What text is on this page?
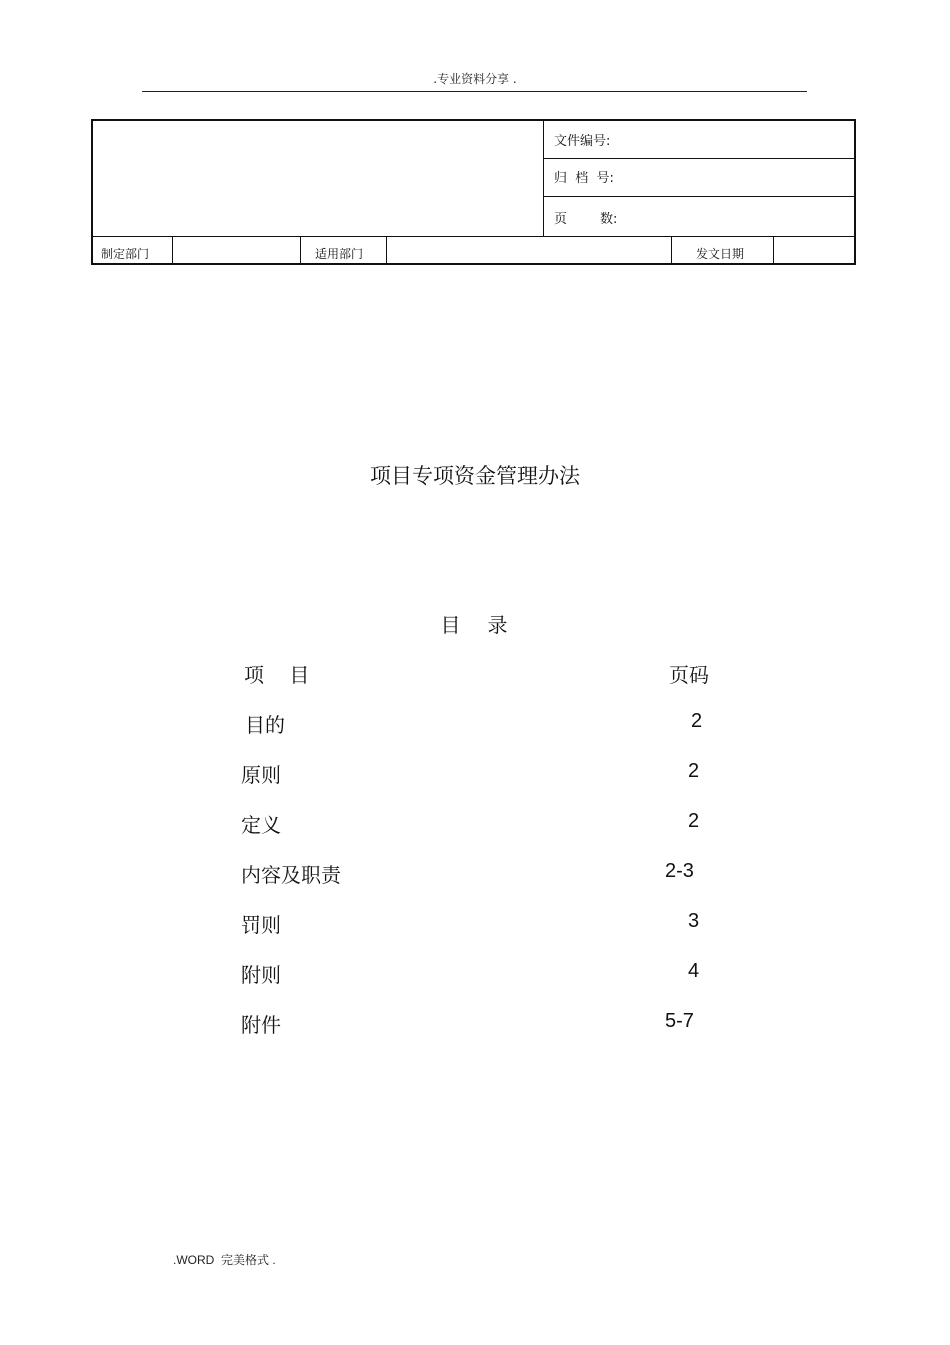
.专业资料分享 .
文件编号:
归  档  号:
页        数:
制定部门	适用部门	发文日期
项目专项资金管理办法
目   录
项    目	页码
目的	2
原则	2
定义	2
内容及职责	2-3
罚则	3
附则	4
附件	5-7
.WORD  完美格式 .
